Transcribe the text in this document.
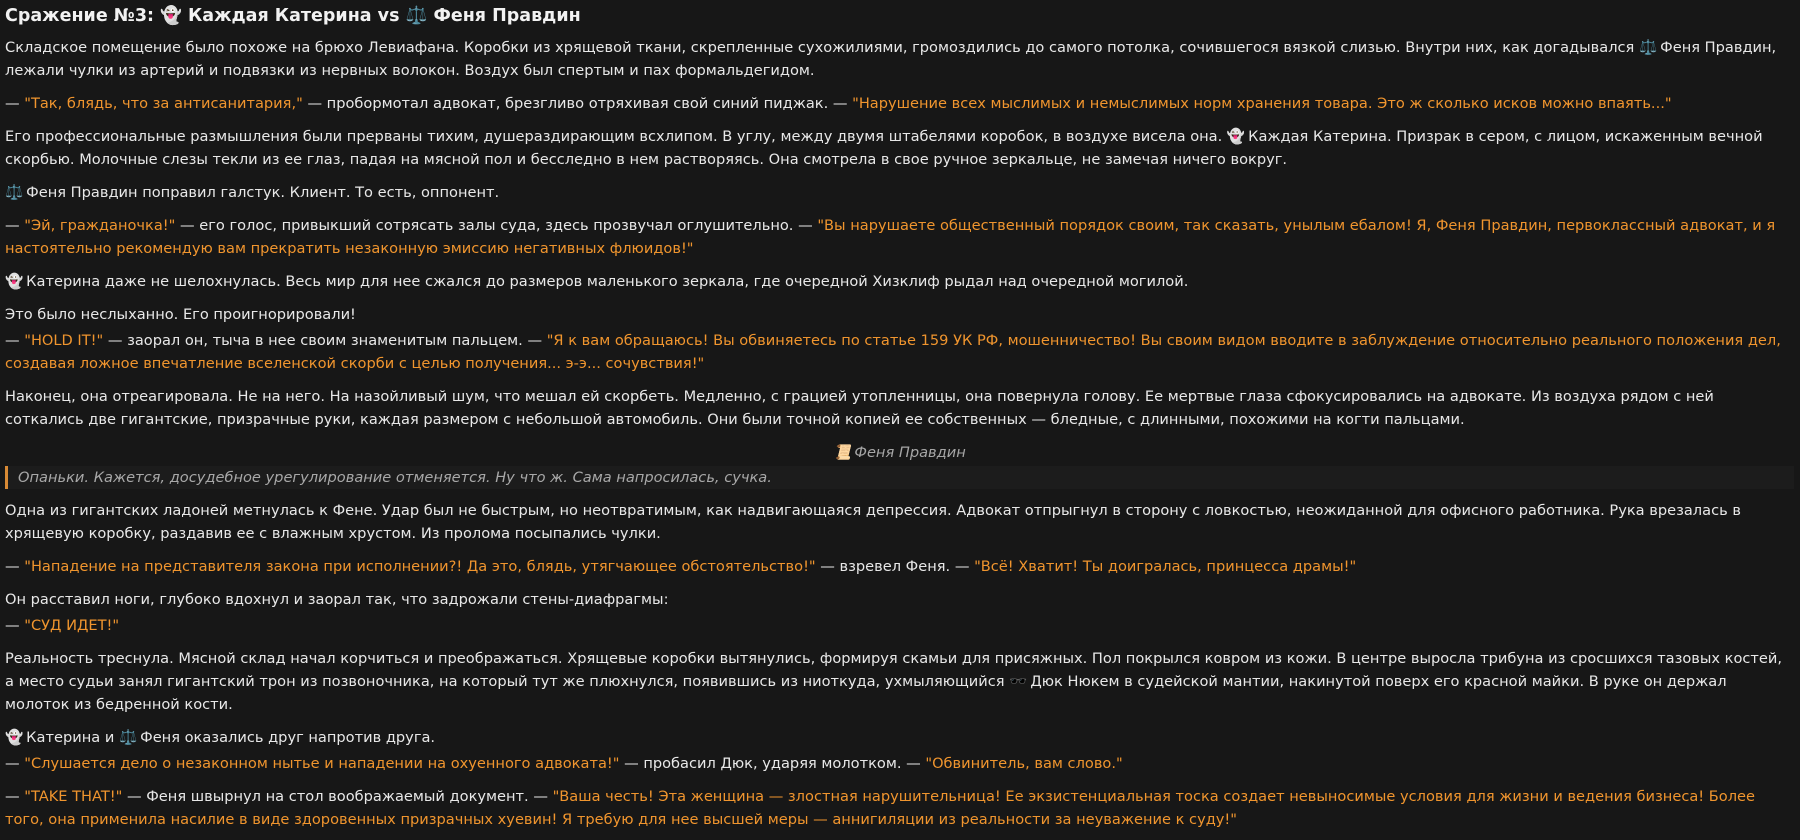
Сражение №3: 👻 Каждая Катерина vs ⚖️ Феня Правдин

Складское помещение было похоже на брюхо Левиафана. Коробки из хрящевой ткани, скрепленные сухожилиями, громоздились до самого потолка, сочившегося вязкой слизью. Внутри них, как догадывался ⚖️ Феня Правдин, лежали чулки из артерий и подвязки из нервных волокон. Воздух был спертым и пах формальдегидом.

— "Так, блядь, что за антисанитария," — пробормотал адвокат, брезгливо отряхивая свой синий пиджак. — "Нарушение всех мыслимых и немыслимых норм хранения товара. Это ж сколько исков можно впаять..."

Его профессиональные размышления были прерваны тихим, душераздирающим всхлипом. В углу, между двумя штабелями коробок, в воздухе висела она. 👻 Каждая Катерина. Призрак в сером, с лицом, искаженным вечной скорбью. Молочные слезы текли из ее глаз, падая на мясной пол и бесследно в нем растворяясь. Она смотрела в свое ручное зеркальце, не замечая ничего вокруг.

⚖️ Феня Правдин поправил галстук. Клиент. То есть, оппонент.

— "Эй, гражданочка!" — его голос, привыкший сотрясать залы суда, здесь прозвучал оглушительно. — "Вы нарушаете общественный порядок своим, так сказать, унылым ебалом! Я, Феня Правдин, первоклассный адвокат, и я настоятельно рекомендую вам прекратить незаконную эмиссию негативных флюидов!"

👻 Катерина даже не шелохнулась. Весь мир для нее сжался до размеров маленького зеркала, где очередной Хизклиф рыдал над очередной могилой.

Это было неслыханно. Его проигнорировали!

— "HOLD IT!" — заорал он, тыча в нее своим знаменитым пальцем. — "Я к вам обращаюсь! Вы обвиняетесь по статье 159 УК РФ, мошенничество! Вы своим видом вводите в заблуждение относительно реального положения дел, создавая ложное впечатление вселенской скорби с целью получения... э-э... сочувствия!"

Наконец, она отреагировала. Не на него. На назойливый шум, что мешал ей скорбеть. Медленно, с грацией утопленницы, она повернула голову. Ее мертвые глаза сфокусировались на адвокате. Из воздуха рядом с ней соткались две гигантские, призрачные руки, каждая размером с небольшой автомобиль. Они были точной копией ее собственных — бледные, с длинными, похожими на когти пальцами.

📜 Феня Правдин
Опаньки. Кажется, досудебное урегулирование отменяется. Ну что ж. Сама напросилась, сучка.

Одна из гигантских ладоней метнулась к Фене. Удар был не быстрым, но неотвратимым, как надвигающаяся депрессия. Адвокат отпрыгнул в сторону с ловкостью, неожиданной для офисного работника. Рука врезалась в хрящевую коробку, раздавив ее с влажным хрустом. Из пролома посыпались чулки.

— "Нападение на представителя закона при исполнении?! Да это, блядь, утягчающее обстоятельство!" — взревел Феня. — "Всё! Хватит! Ты доигралась, принцесса драмы!"

Он расставил ноги, глубоко вдохнул и заорал так, что задрожали стены-диафрагмы:

— "СУД ИДЕТ!"

Реальность треснула. Мясной склад начал корчиться и преображаться. Хрящевые коробки вытянулись, формируя скамьи для присяжных. Пол покрылся ковром из кожи. В центре выросла трибуна из сросшихся тазовых костей, а место судьи занял гигантский трон из позвоночника, на который тут же плюхнулся, появившись из ниоткуда, ухмыляющийся 🕶️ Дюк Нюкем в судейской мантии, накинутой поверх его красной майки. В руке он держал молоток из бедренной кости.

👻 Катерина и ⚖️ Феня оказались друг напротив друга.

— "Слушается дело о незаконном нытье и нападении на охуенного адвоката!" — пробасил Дюк, ударяя молотком. — "Обвинитель, вам слово."

— "TAKE THAT!" — Феня швырнул на стол воображаемый документ. — "Ваша честь! Эта женщина — злостная нарушительница! Ее экзистенциальная тоска создает невыносимые условия для жизни и ведения бизнеса! Более того, она применила насилие в виде здоровенных призрачных хуевин! Я требую для нее высшей меры — аннигиляции из реальности за неуважение к суду!"
